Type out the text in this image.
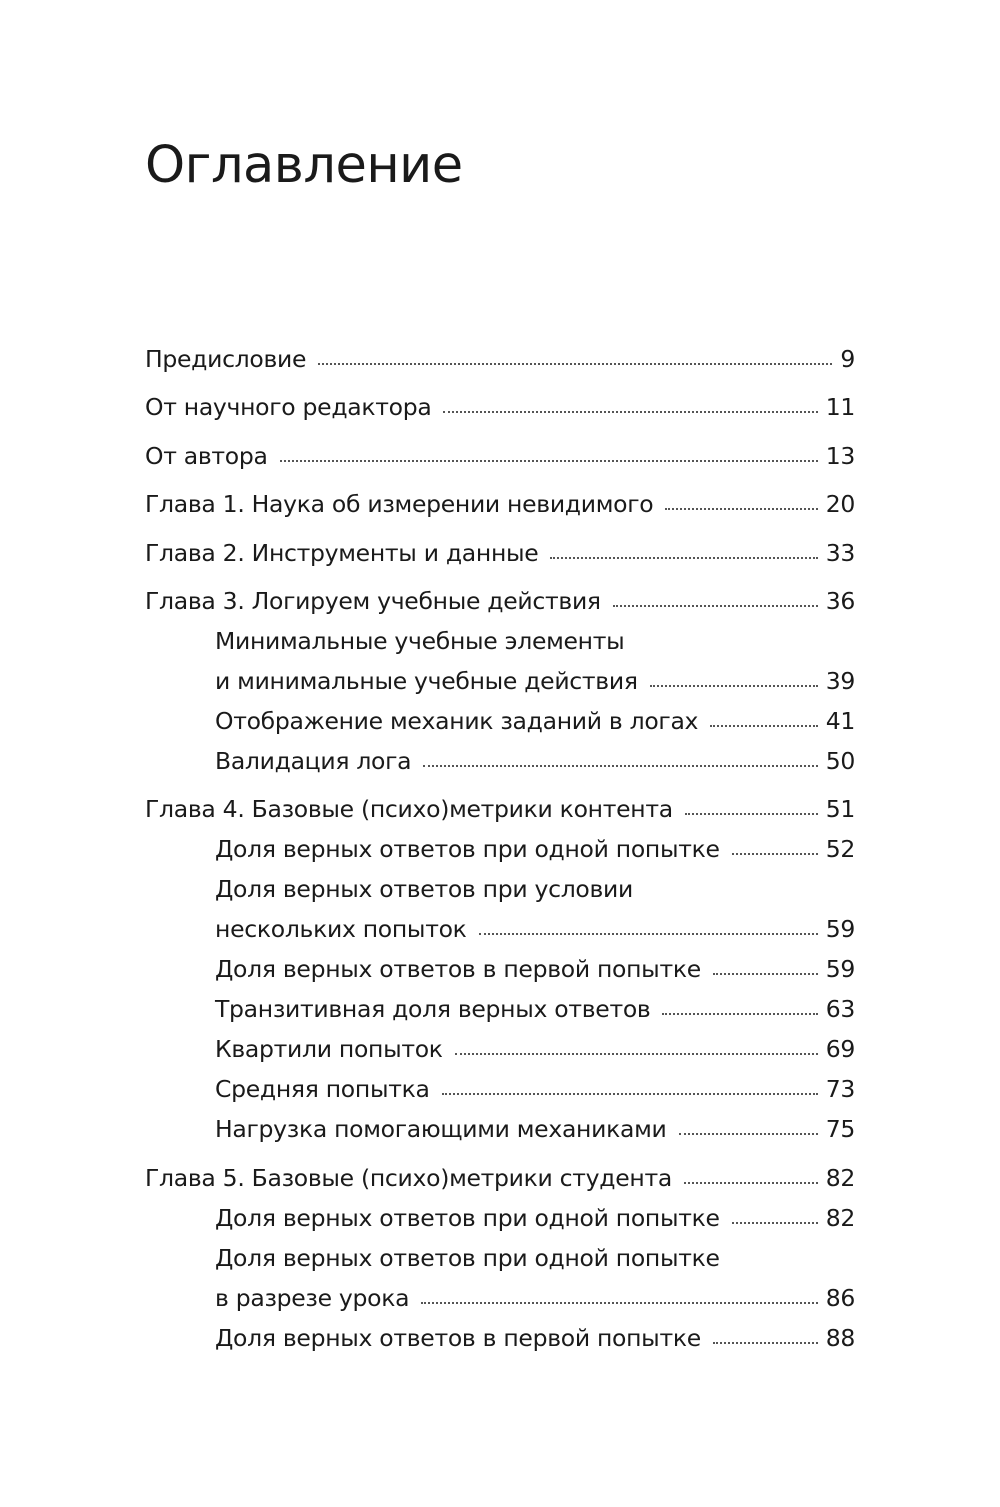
Оглавление
Предисловие	9
От научного редактора	11
От автора	13
Глава 1. Наука об измерении невидимого	20
Глава 2. Инструменты и данные	33
Глава 3. Логируем учебные действия	36
Минимальные учебные элементы
и минимальные учебные действия	39
Отображение механик заданий в логах	41
Валидация лога	50
Глава 4. Базовые (психо)метрики контента	51
Доля верных ответов при одной попытке	52
Доля верных ответов при условии
нескольких попыток	59
Доля верных ответов в первой попытке	59
Транзитивная доля верных ответов	63
Квартили попыток	69
Средняя попытка	73
Нагрузка помогающими механиками	75
Глава 5. Базовые (психо)метрики студента	82
Доля верных ответов при одной попытке	82
Доля верных ответов при одной попытке
в разрезе урока	86
Доля верных ответов в первой попытке	88
